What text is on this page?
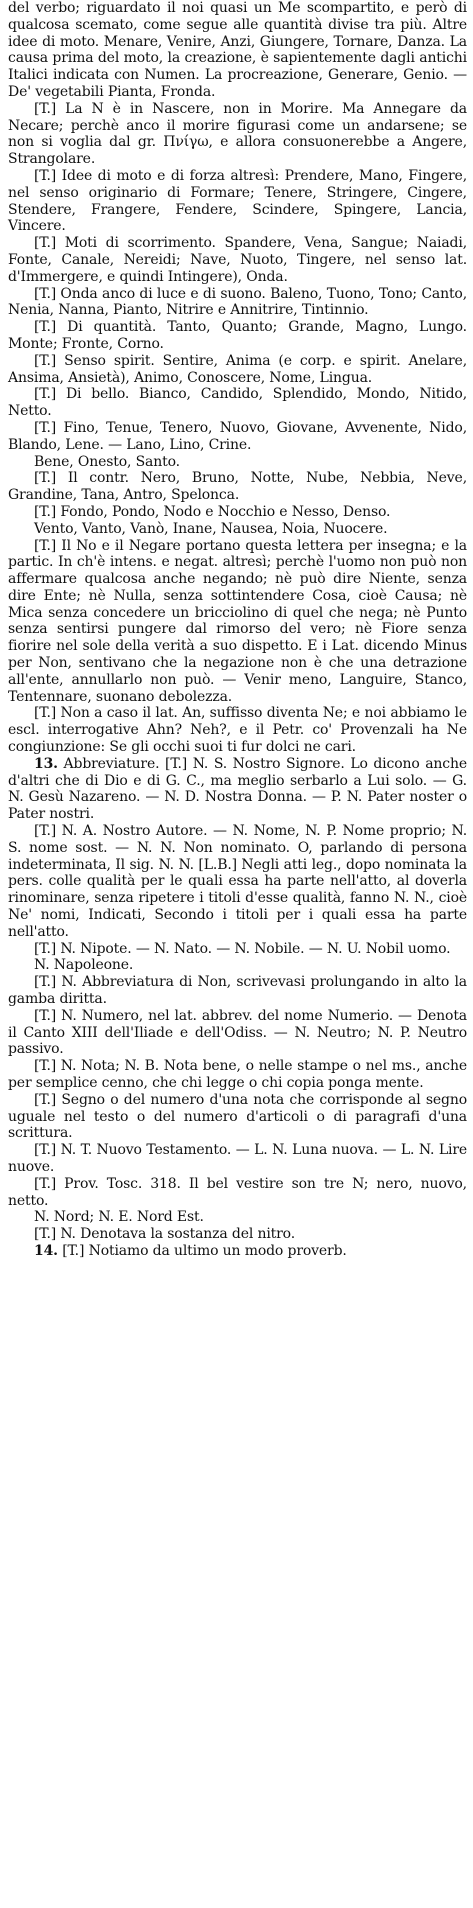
del verbo; riguardato il noi quasi un Me scompartito, e però di qualcosa scemato, come segue alle quantità divise tra più. Altre idee di moto. Menare, Venire, Anzi, Giungere, Tornare, Danza. La causa prima del moto, la creazione, è sapientemente dagli antichi Italici indicata con Numen. La procreazione, Generare, Genio. — De' vegetabili Pianta, Fronda.

[T.] La N è in Nascere, non in Morire. Ma Annegare da Necare; perchè anco il morire figurasi come un andarsene; se non si voglia dal gr. Πνίγω, e allora consuonerebbe a Angere, Strangolare.

[T.] Idee di moto e di forza altresì: Prendere, Mano, Fingere, nel senso originario di Formare; Tenere, Stringere, Cingere, Stendere, Frangere, Fendere, Scindere, Spingere, Lancia, Vincere.

[T.] Moti di scorrimento. Spandere, Vena, Sangue; Naiadi, Fonte, Canale, Nereidi; Nave, Nuoto, Tingere, nel senso lat. d'Immergere, e quindi Intingere), Onda.

[T.] Onda anco di luce e di suono. Baleno, Tuono, Tono; Canto, Nenia, Nanna, Pianto, Nitrire e Annitrire, Tintinnio.

[T.] Di quantità. Tanto, Quanto; Grande, Magno, Lungo. Monte; Fronte, Corno.

[T.] Senso spirit. Sentire, Anima (e corp. e spirit. Anelare, Ansima, Ansietà), Animo, Conoscere, Nome, Lingua.

[T.] Di bello. Bianco, Candido, Splendido, Mondo, Nitido, Netto.

[T.] Fino, Tenue, Tenero, Nuovo, Giovane, Avvenente, Nido, Blando, Lene. — Lano, Lino, Crine.

Bene, Onesto, Santo.

[T.] Il contr. Nero, Bruno, Notte, Nube, Nebbia, Neve, Grandine, Tana, Antro, Spelonca.

[T.] Fondo, Pondo, Nodo e Nocchio e Nesso, Denso.

Vento, Vanto, Vanò, Inane, Nausea, Noia, Nuocere.

[T.] Il No e il Negare portano questa lettera per insegna; e la partic. In ch'è intens. e negat. altresì; perchè l'uomo non può non affermare qualcosa anche negando; nè può dire Niente, senza dire Ente; nè Nulla, senza sottintendere Cosa, cioè Causa; nè Mica senza concedere un bricciolino di quel che nega; nè Punto senza sentirsi pungere dal rimorso del vero; nè Fiore senza fiorire nel sole della verità a suo dispetto. E i Lat. dicendo Minus per Non, sentivano che la negazione non è che una detrazione all'ente, annullarlo non può. — Venir meno, Languire, Stanco, Tentennare, suonano debolezza.

[T.] Non a caso il lat. An, suffisso diventa Ne; e noi abbiamo le escl. interrogative Ahn? Neh?, e il Petr. co' Provenzali ha Ne congiunzione: Se gli occhi suoi ti fur dolci ne cari.

13. Abbreviature. [T.] N. S. Nostro Signore. Lo dicono anche d'altri che di Dio e di G. C., ma meglio serbarlo a Lui solo. — G. N. Gesù Nazareno. — N. D. Nostra Donna. — P. N. Pater noster o Pater nostri.

[T.] N. A. Nostro Autore. — N. Nome, N. P. Nome proprio; N. S. nome sost. — N. N. Non nominato. O, parlando di persona indeterminata, Il sig. N. N. [L.B.] Negli atti leg., dopo nominata la pers. colle qualità per le quali essa ha parte nell'atto, al doverla rinominare, senza ripetere i titoli d'esse qualità, fanno N. N., cioè Ne' nomi, Indicati, Secondo i titoli per i quali essa ha parte nell'atto.

[T.] N. Nipote. — N. Nato. — N. Nobile. — N. U. Nobil uomo.

N. Napoleone.

[T.] N. Abbreviatura di Non, scrivevasi prolungando in alto la gamba diritta.

[T.] N. Numero, nel lat. abbrev. del nome Numerio. — Denota il Canto XIII dell'Iliade e dell'Odiss. — N. Neutro; N. P. Neutro passivo.

[T.] N. Nota; N. B. Nota bene, o nelle stampe o nel ms., anche per semplice cenno, che chi legge o chi copia ponga mente.

[T.] Segno o del numero d'una nota che corrisponde al segno uguale nel testo o del numero d'articoli o di paragrafi d'una scrittura.

[T.] N. T. Nuovo Testamento. — L. N. Luna nuova. — L. N. Lire nuove.

[T.] Prov. Tosc. 318. Il bel vestire son tre N; nero, nuovo, netto.

N. Nord; N. E. Nord Est.

[T.] N. Denotava la sostanza del nitro.

14. [T.] Notiamo da ultimo un modo proverb.
